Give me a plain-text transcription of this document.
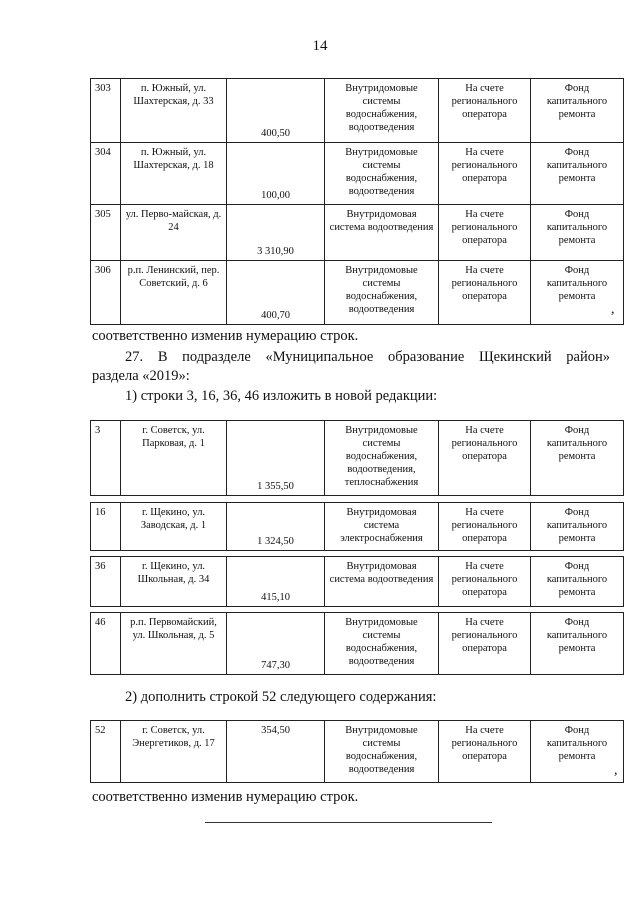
14
303	п. Южный, ул. Шахтерская, д. 33	400,50	Внутридомовые системы водоснабжения, водоотведения	На счете регионального оператора	Фонд капитального ремонта
304	п. Южный, ул. Шахтерская, д. 18	100,00	Внутридомовые системы водоснабжения, водоотведения	На счете регионального оператора	Фонд капитального ремонта
305	ул. Перво-майская, д. 24	3 310,90	Внутридомовая система водоотведения	На счете регионального оператора	Фонд капитального ремонта
306	р.п. Ленинский, пер. Советский, д. 6	400,70	Внутридомовые системы водоснабжения, водоотведения	На счете регионального оператора	Фонд капитального ремонта
,
соответственно изменив нумерацию строк.
27. В подразделе «Муниципальное образование Щекинский район»
раздела «2019»:
1) строки 3, 16, 36, 46 изложить в новой редакции:
3	г. Советск, ул. Парковая, д. 1	1 355,50	Внутридомовые системы водоснабжения, водоотведения, теплоснабжения	На счете регионального оператора	Фонд капитального ремонта
16	г. Щекино, ул. Заводская, д. 1	1 324,50	Внутридомовая система электроснабжения	На счете регионального оператора	Фонд капитального ремонта
36	г. Щекино, ул. Школьная, д. 34	415,10	Внутридомовая система водоотведения	На счете регионального оператора	Фонд капитального ремонта
46	р.п. Первомайский, ул. Школьная, д. 5	747,30	Внутридомовые системы водоснабжения, водоотведения	На счете регионального оператора	Фонд капитального ремонта
2) дополнить строкой 52 следующего содержания:
52	г. Советск, ул. Энергетиков, д. 17	354,50	Внутридомовые системы водоснабжения, водоотведения	На счете регионального оператора	Фонд капитального ремонта
,
соответственно изменив нумерацию строк.
